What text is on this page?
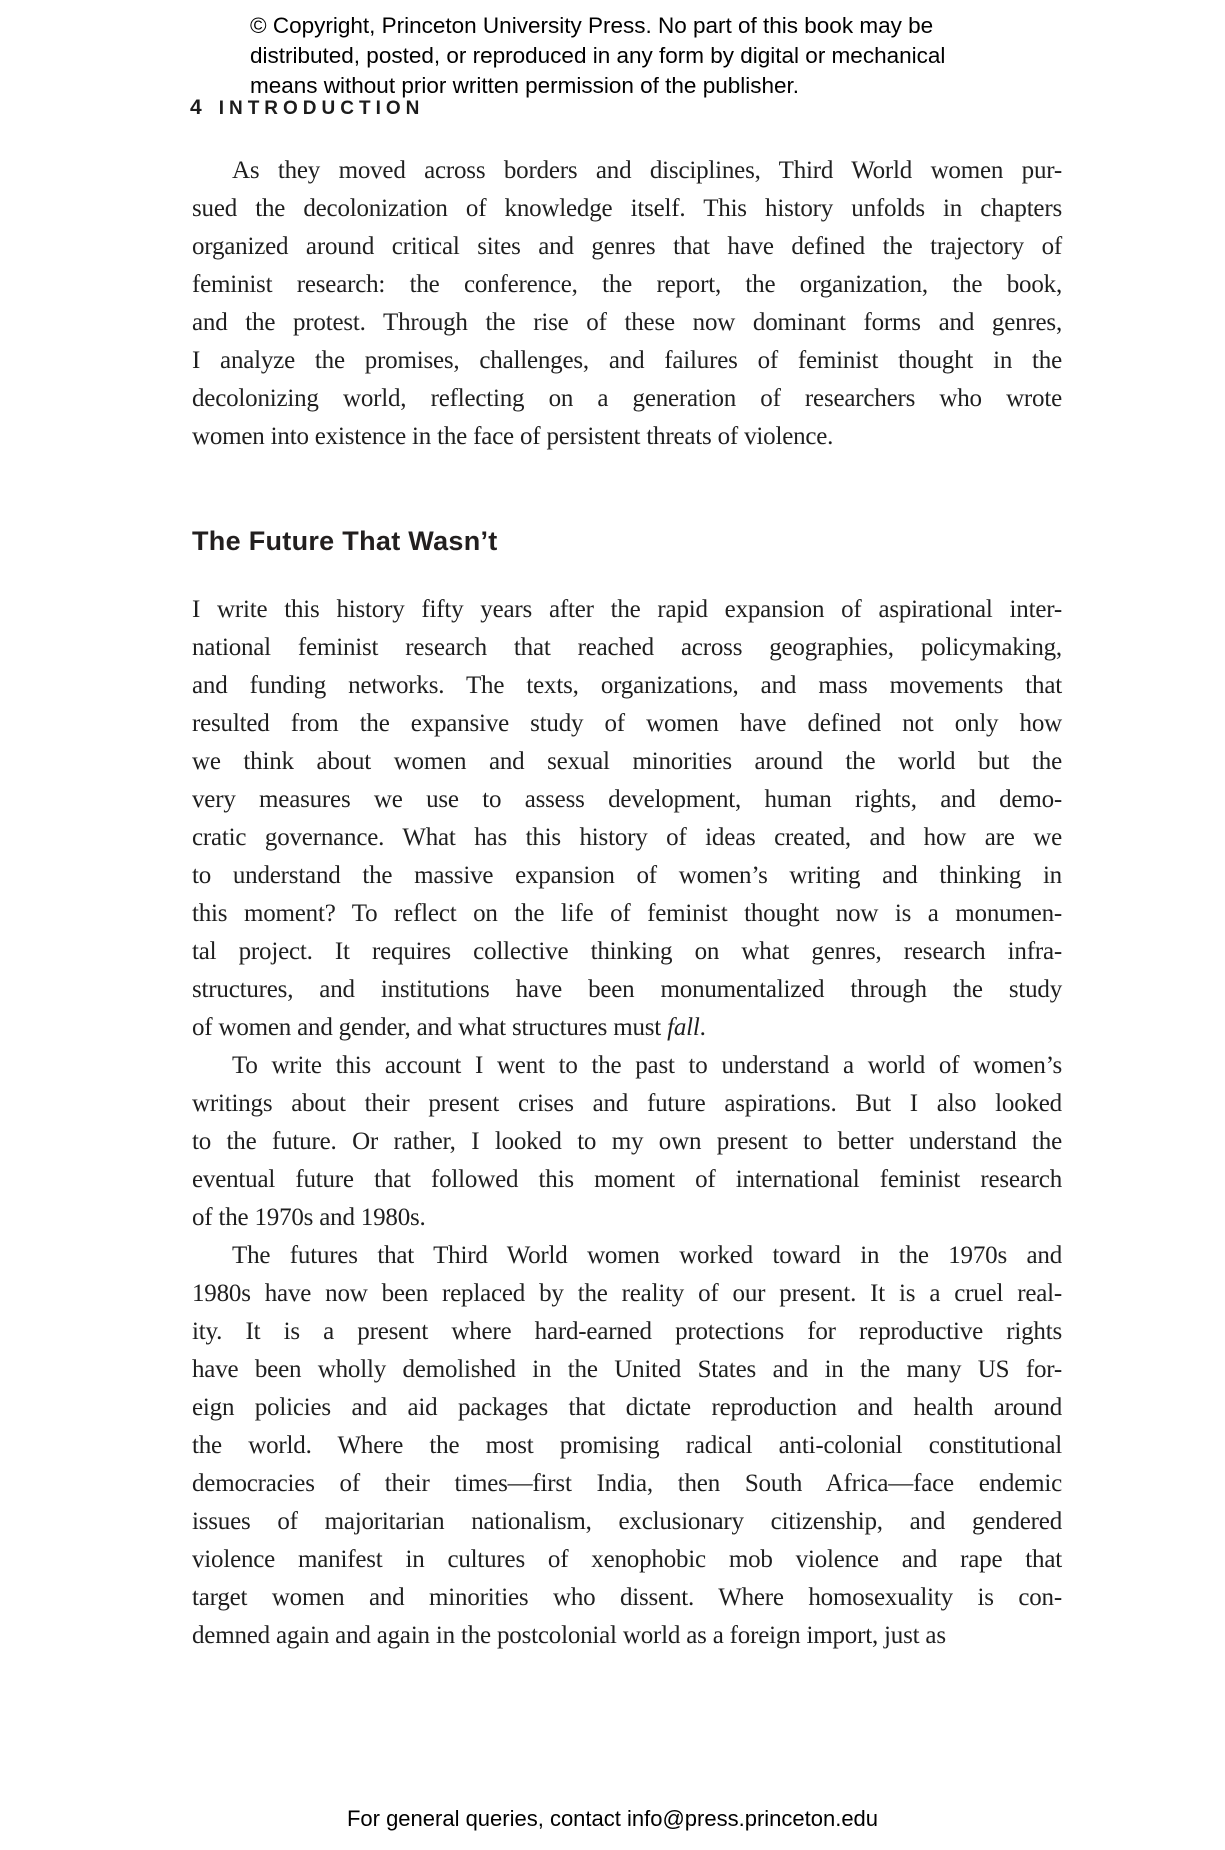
© Copyright, Princeton University Press. No part of this book may be
distributed, posted, or reproduced in any form by digital or mechanical
means without prior written permission of the publisher.
4 INTRODUCTION
As they moved across borders and disciplines, Third World women pur-
sued the decolonization of knowledge itself. This history unfolds in chapters
organized around critical sites and genres that have defined the trajectory of
feminist research: the conference, the report, the organization, the book,
and the protest. Through the rise of these now dominant forms and genres,
I analyze the promises, challenges, and failures of feminist thought in the
decolonizing world, reflecting on a generation of researchers who wrote
women into existence in the face of persistent threats of violence.
The Future That Wasn’t
I write this history fifty years after the rapid expansion of aspirational inter-
national feminist research that reached across geographies, policymaking,
and funding networks. The texts, organizations, and mass movements that
resulted from the expansive study of women have defined not only how
we think about women and sexual minorities around the world but the
very measures we use to assess development, human rights, and demo-
cratic governance. What has this history of ideas created, and how are we
to understand the massive expansion of women’s writing and thinking in
this moment? To reflect on the life of feminist thought now is a monumen-
tal project. It requires collective thinking on what genres, research infra-
structures, and institutions have been monumentalized through the study
of women and gender, and what structures must fall.
To write this account I went to the past to understand a world of women’s
writings about their present crises and future aspirations. But I also looked
to the future. Or rather, I looked to my own present to better understand the
eventual future that followed this moment of international feminist research
of the 1970s and 1980s.
The futures that Third World women worked toward in the 1970s and
1980s have now been replaced by the reality of our present. It is a cruel real-
ity. It is a present where hard-earned protections for reproductive rights
have been wholly demolished in the United States and in the many US for-
eign policies and aid packages that dictate reproduction and health around
the world. Where the most promising radical anti-colonial constitutional
democracies of their times—first India, then South Africa—face endemic
issues of majoritarian nationalism, exclusionary citizenship, and gendered
violence manifest in cultures of xenophobic mob violence and rape that
target women and minorities who dissent. Where homosexuality is con-
demned again and again in the postcolonial world as a foreign import, just as
For general queries, contact info@press.princeton.edu
